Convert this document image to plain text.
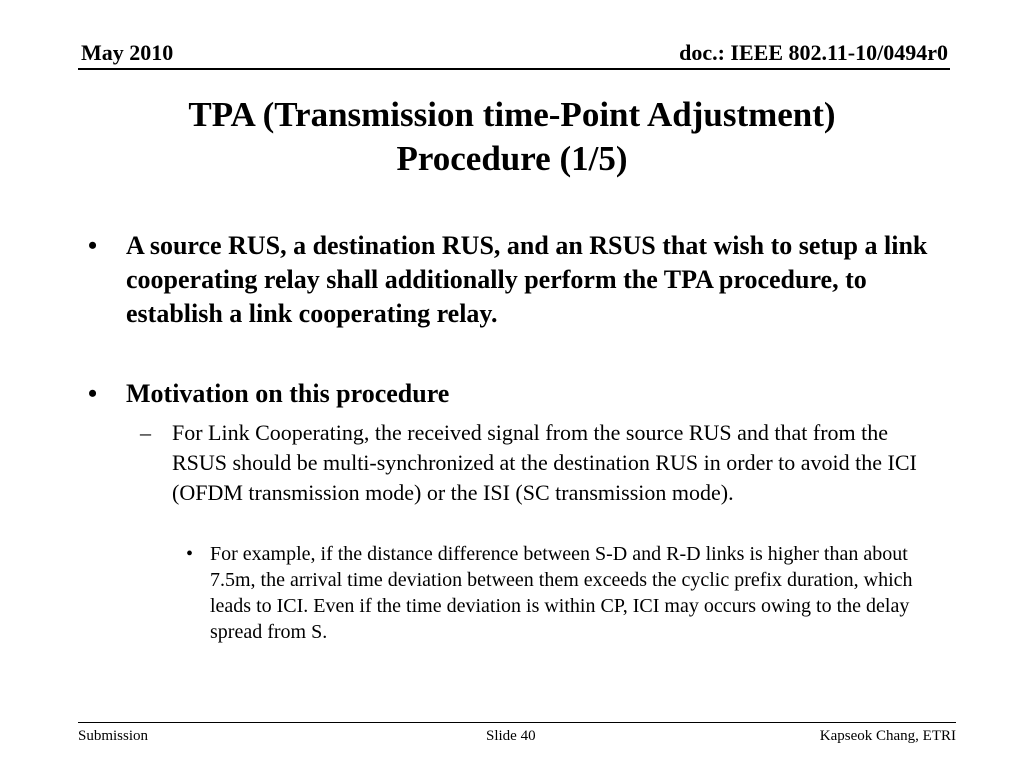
May 2010	doc.: IEEE 802.11-10/0494r0
TPA (Transmission time-Point Adjustment)
Procedure (1/5)
• A source RUS, a destination RUS, and an RSUS that wish to setup a link cooperating relay shall additionally perform the TPA procedure, to establish a link cooperating relay.
• Motivation on this procedure
– For Link Cooperating, the received signal from the source RUS and that from the RSUS should be multi-synchronized at the destination RUS in order to avoid the ICI (OFDM transmission mode) or the ISI (SC transmission mode).
• For example, if the distance difference between S-D and R-D links is higher than about 7.5m, the arrival time deviation between them exceeds the cyclic prefix duration, which leads to ICI. Even if the time deviation is within CP, ICI may occurs owing to the delay spread from S.
Submission	Slide 40	Kapseok Chang, ETRI
